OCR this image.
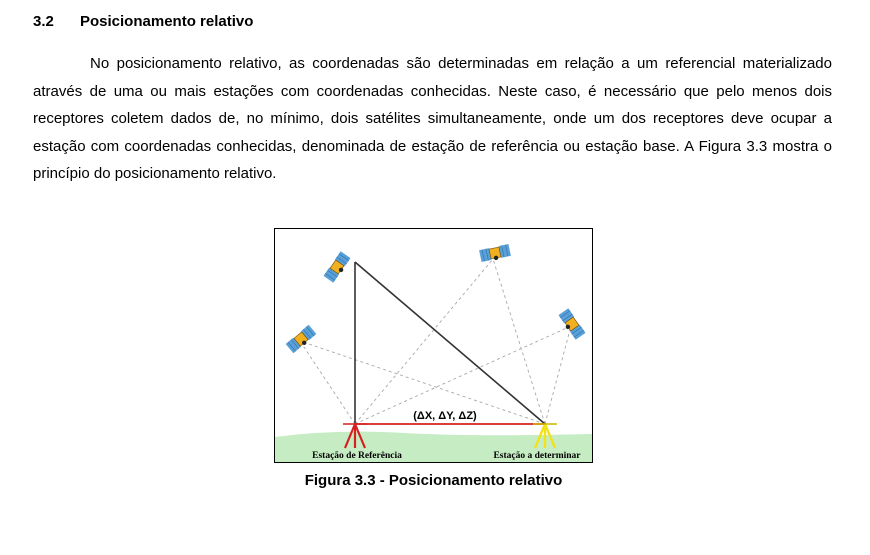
3.2 Posicionamento relativo

No posicionamento relativo, as coordenadas são determinadas em relação a um referencial materializado através de uma ou mais estações com coordenadas conhecidas. Neste caso, é necessário que pelo menos dois receptores coletem dados de, no mínimo, dois satélites simultaneamente, onde um dos receptores deve ocupar a estação com coordenadas conhecidas, denominada de estação de referência ou estação base. A Figura 3.3 mostra o princípio do posicionamento relativo.

(ΔX, ΔY, ΔZ)
Estação de Referência	Estação a determinar
Figura 3.3 - Posicionamento relativo
